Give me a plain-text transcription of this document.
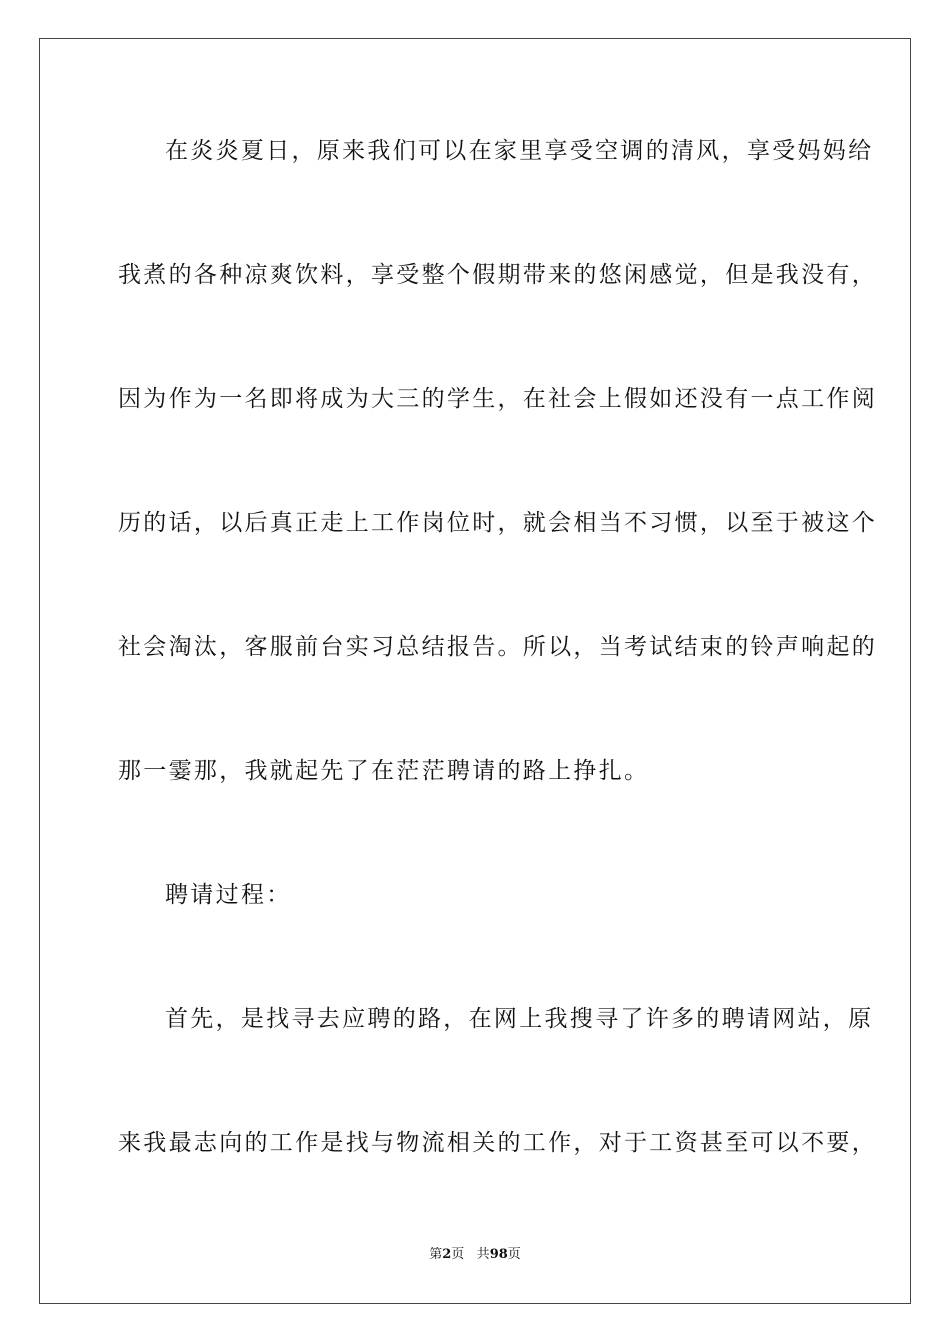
在炎炎夏日，原来我们可以在家里享受空调的清风，享受妈妈给
我煮的各种凉爽饮料，享受整个假期带来的悠闲感觉，但是我没有，
因为作为一名即将成为大三的学生，在社会上假如还没有一点工作阅
历的话，以后真正走上工作岗位时，就会相当不习惯，以至于被这个
社会淘汰，客服前台实习总结报告。所以，当考试结束的铃声响起的
那一霎那，我就起先了在茫茫聘请的路上挣扎。
聘请过程：
首先，是找寻去应聘的路，在网上我搜寻了许多的聘请网站，原
来我最志向的工作是找与物流相关的工作，对于工资甚至可以不要，
第2页 共98页
